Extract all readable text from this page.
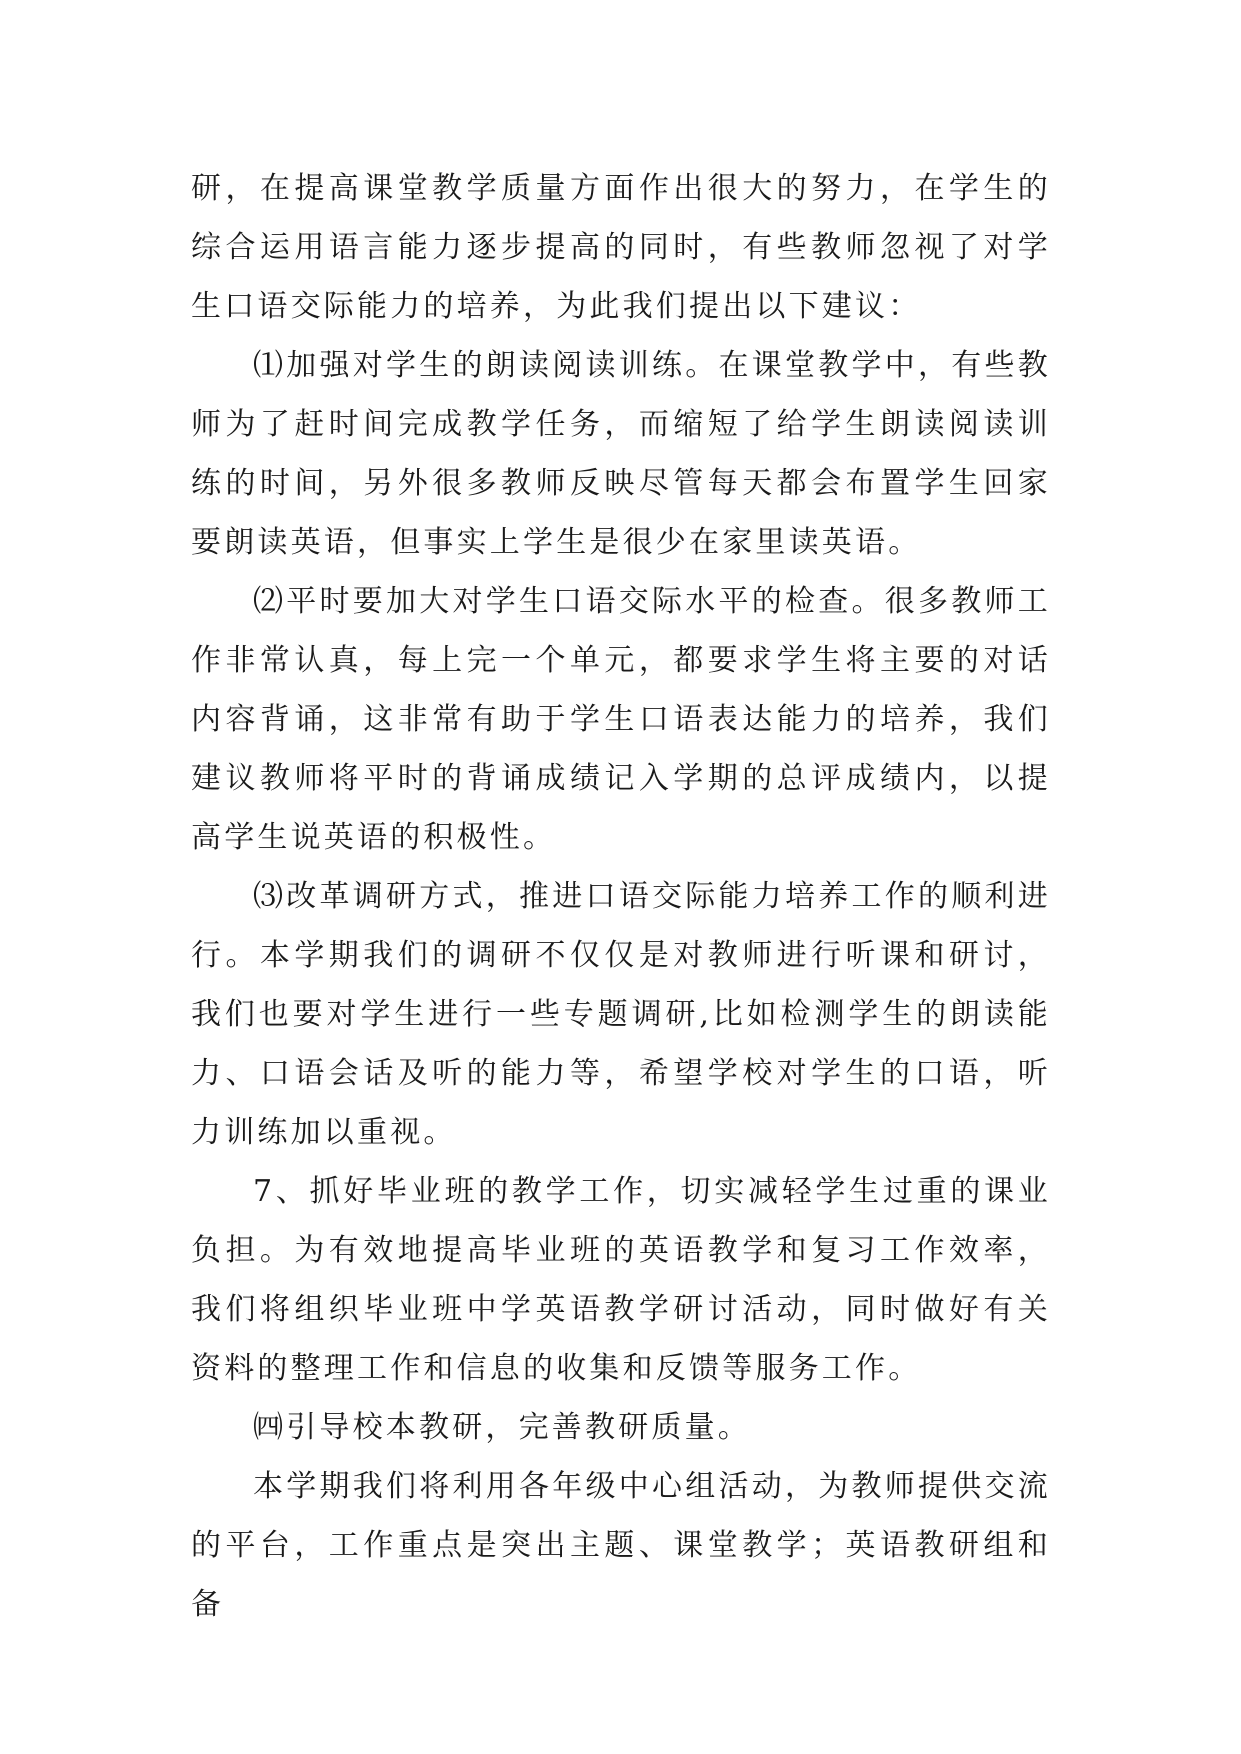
研，在提高课堂教学质量方面作出很大的努力，在学生的综合运用语言能力逐步提高的同时，有些教师忽视了对学生口语交际能力的培养，为此我们提出以下建议：

⑴加强对学生的朗读阅读训练。在课堂教学中，有些教师为了赶时间完成教学任务，而缩短了给学生朗读阅读训练的时间，另外很多教师反映尽管每天都会布置学生回家要朗读英语，但事实上学生是很少在家里读英语。

⑵平时要加大对学生口语交际水平的检查。很多教师工作非常认真，每上完一个单元，都要求学生将主要的对话内容背诵，这非常有助于学生口语表达能力的培养，我们建议教师将平时的背诵成绩记入学期的总评成绩内，以提高学生说英语的积极性。

⑶改革调研方式，推进口语交际能力培养工作的顺利进行。本学期我们的调研不仅仅是对教师进行听课和研讨，我们也要对学生进行一些专题调研,比如检测学生的朗读能力、口语会话及听的能力等，希望学校对学生的口语，听力训练加以重视。

7、抓好毕业班的教学工作，切实减轻学生过重的课业负担。为有效地提高毕业班的英语教学和复习工作效率，我们将组织毕业班中学英语教学研讨活动，同时做好有关资料的整理工作和信息的收集和反馈等服务工作。

㈣引导校本教研，完善教研质量。

本学期我们将利用各年级中心组活动，为教师提供交流的平台，工作重点是突出主题、课堂教学；英语教研组和备
